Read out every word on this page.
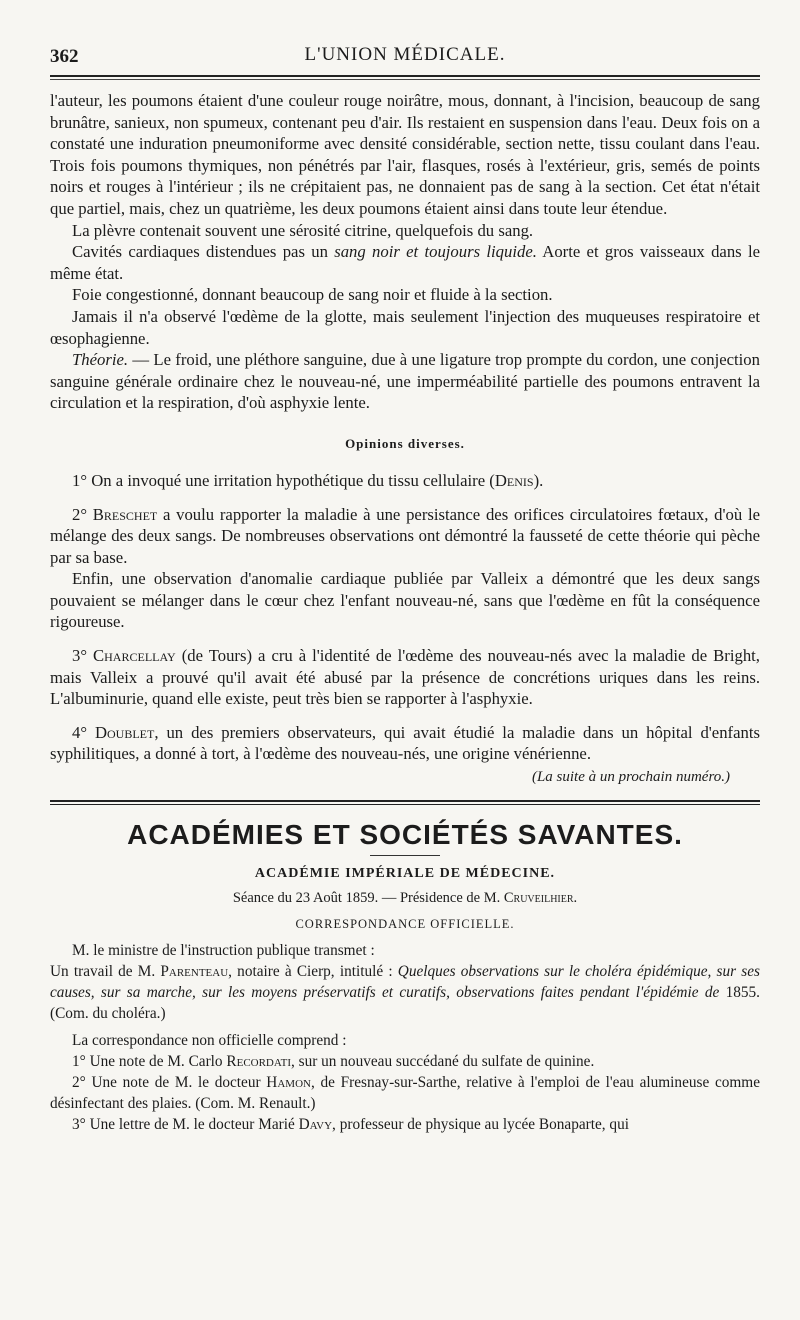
362	L'UNION MÉDICALE.

l'auteur, les poumons étaient d'une couleur rouge noirâtre, mous, donnant, à l'incision, beaucoup de sang brunâtre, sanieux, non spumeux, contenant peu d'air. Ils restaient en suspension dans l'eau. Deux fois on a constaté une induration pneumoniforme avec densité considérable, section nette, tissu coulant dans l'eau. Trois fois poumons thymiques, non pénétrés par l'air, flasques, rosés à l'extérieur, gris, semés de points noirs et rouges à l'intérieur ; ils ne crépitaient pas, ne donnaient pas de sang à la section. Cet état n'était que partiel, mais, chez un quatrième, les deux poumons étaient ainsi dans toute leur étendue.

La plèvre contenait souvent une sérosité citrine, quelquefois du sang.

Cavités cardiaques distendues pas un sang noir et toujours liquide. Aorte et gros vaisseaux dans le même état.

Foie congestionné, donnant beaucoup de sang noir et fluide à la section.

Jamais il n'a observé l'œdème de la glotte, mais seulement l'injection des muqueuses respiratoire et œsophagienne.

Théorie. — Le froid, une pléthore sanguine, due à une ligature trop prompte du cordon, une conjection sanguine générale ordinaire chez le nouveau-né, une imperméabilité partielle des poumons entravent la circulation et la respiration, d'où asphyxie lente.

Opinions diverses.

1° On a invoqué une irritation hypothétique du tissu cellulaire (Denis).

2° Breschet a voulu rapporter la maladie à une persistance des orifices circulatoires fœtaux, d'où le mélange des deux sangs. De nombreuses observations ont démontré la fausseté de cette théorie qui pèche par sa base.

Enfin, une observation d'anomalie cardiaque publiée par Valleix a démontré que les deux sangs pouvaient se mélanger dans le cœur chez l'enfant nouveau-né, sans que l'œdème en fût la conséquence rigoureuse.

3° Charcellay (de Tours) a cru à l'identité de l'œdème des nouveau-nés avec la maladie de Bright, mais Valleix a prouvé qu'il avait été abusé par la présence de concrétions uriques dans les reins. L'albuminurie, quand elle existe, peut très bien se rapporter à l'asphyxie.

4° Doublet, un des premiers observateurs, qui avait étudié la maladie dans un hôpital d'enfants syphilitiques, a donné à tort, à l'œdème des nouveau-nés, une origine vénérienne.

(La suite à un prochain numéro.)
ACADÉMIES ET SOCIÉTÉS SAVANTES.
ACADÉMIE IMPÉRIALE DE MÉDECINE.
Séance du 23 Août 1859. — Présidence de M. Cruveilhier.
CORRESPONDANCE OFFICIELLE.

M. le ministre de l'instruction publique transmet :

Un travail de M. Parenteau, notaire à Cierp, intitulé : Quelques observations sur le choléra épidémique, sur ses causes, sur sa marche, sur les moyens préservatifs et curatifs, observations faites pendant l'épidémie de 1855. (Com. du choléra.)

La correspondance non officielle comprend :

1° Une note de M. Carlo Recordati, sur un nouveau succédané du sulfate de quinine.

2° Une note de M. le docteur Hamon, de Fresnay-sur-Sarthe, relative à l'emploi de l'eau alumineuse comme désinfectant des plaies. (Com. M. Renault.)

3° Une lettre de M. le docteur Marié Davy, professeur de physique au lycée Bonaparte, qui
